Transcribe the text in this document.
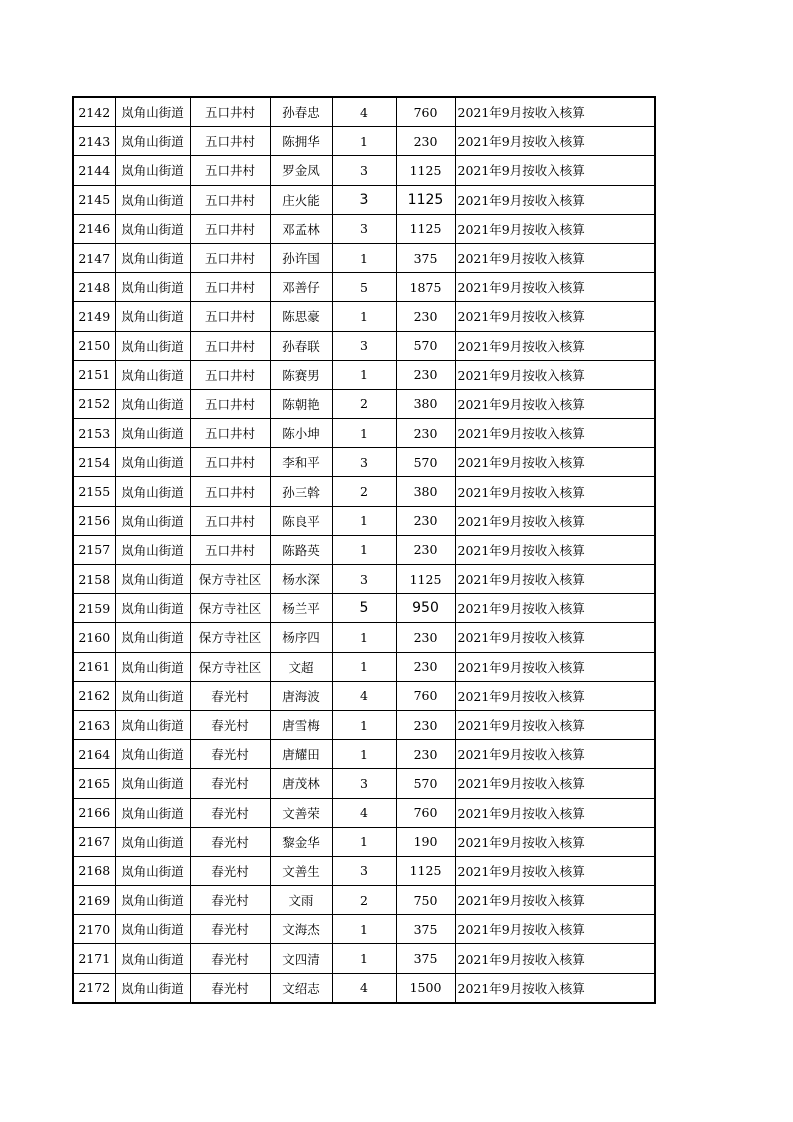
2142	岚角山街道	五口井村	孙春忠	4	760	2021年9月按收入核算
2143	岚角山街道	五口井村	陈拥华	1	230	2021年9月按收入核算
2144	岚角山街道	五口井村	罗金凤	3	1125	2021年9月按收入核算
2145	岚角山街道	五口井村	庄火能	3	1125	2021年9月按收入核算
2146	岚角山街道	五口井村	邓孟林	3	1125	2021年9月按收入核算
2147	岚角山街道	五口井村	孙许国	1	375	2021年9月按收入核算
2148	岚角山街道	五口井村	邓善仔	5	1875	2021年9月按收入核算
2149	岚角山街道	五口井村	陈思豪	1	230	2021年9月按收入核算
2150	岚角山街道	五口井村	孙春联	3	570	2021年9月按收入核算
2151	岚角山街道	五口井村	陈赛男	1	230	2021年9月按收入核算
2152	岚角山街道	五口井村	陈朝艳	2	380	2021年9月按收入核算
2153	岚角山街道	五口井村	陈小坤	1	230	2021年9月按收入核算
2154	岚角山街道	五口井村	李和平	3	570	2021年9月按收入核算
2155	岚角山街道	五口井村	孙三斡	2	380	2021年9月按收入核算
2156	岚角山街道	五口井村	陈良平	1	230	2021年9月按收入核算
2157	岚角山街道	五口井村	陈路英	1	230	2021年9月按收入核算
2158	岚角山街道	保方寺社区	杨水深	3	1125	2021年9月按收入核算
2159	岚角山街道	保方寺社区	杨兰平	5	950	2021年9月按收入核算
2160	岚角山街道	保方寺社区	杨序四	1	230	2021年9月按收入核算
2161	岚角山街道	保方寺社区	文超	1	230	2021年9月按收入核算
2162	岚角山街道	春光村	唐海波	4	760	2021年9月按收入核算
2163	岚角山街道	春光村	唐雪梅	1	230	2021年9月按收入核算
2164	岚角山街道	春光村	唐耀田	1	230	2021年9月按收入核算
2165	岚角山街道	春光村	唐茂林	3	570	2021年9月按收入核算
2166	岚角山街道	春光村	文善荣	4	760	2021年9月按收入核算
2167	岚角山街道	春光村	黎金华	1	190	2021年9月按收入核算
2168	岚角山街道	春光村	文善生	3	1125	2021年9月按收入核算
2169	岚角山街道	春光村	文雨	2	750	2021年9月按收入核算
2170	岚角山街道	春光村	文海杰	1	375	2021年9月按收入核算
2171	岚角山街道	春光村	文四清	1	375	2021年9月按收入核算
2172	岚角山街道	春光村	文绍志	4	1500	2021年9月按收入核算
